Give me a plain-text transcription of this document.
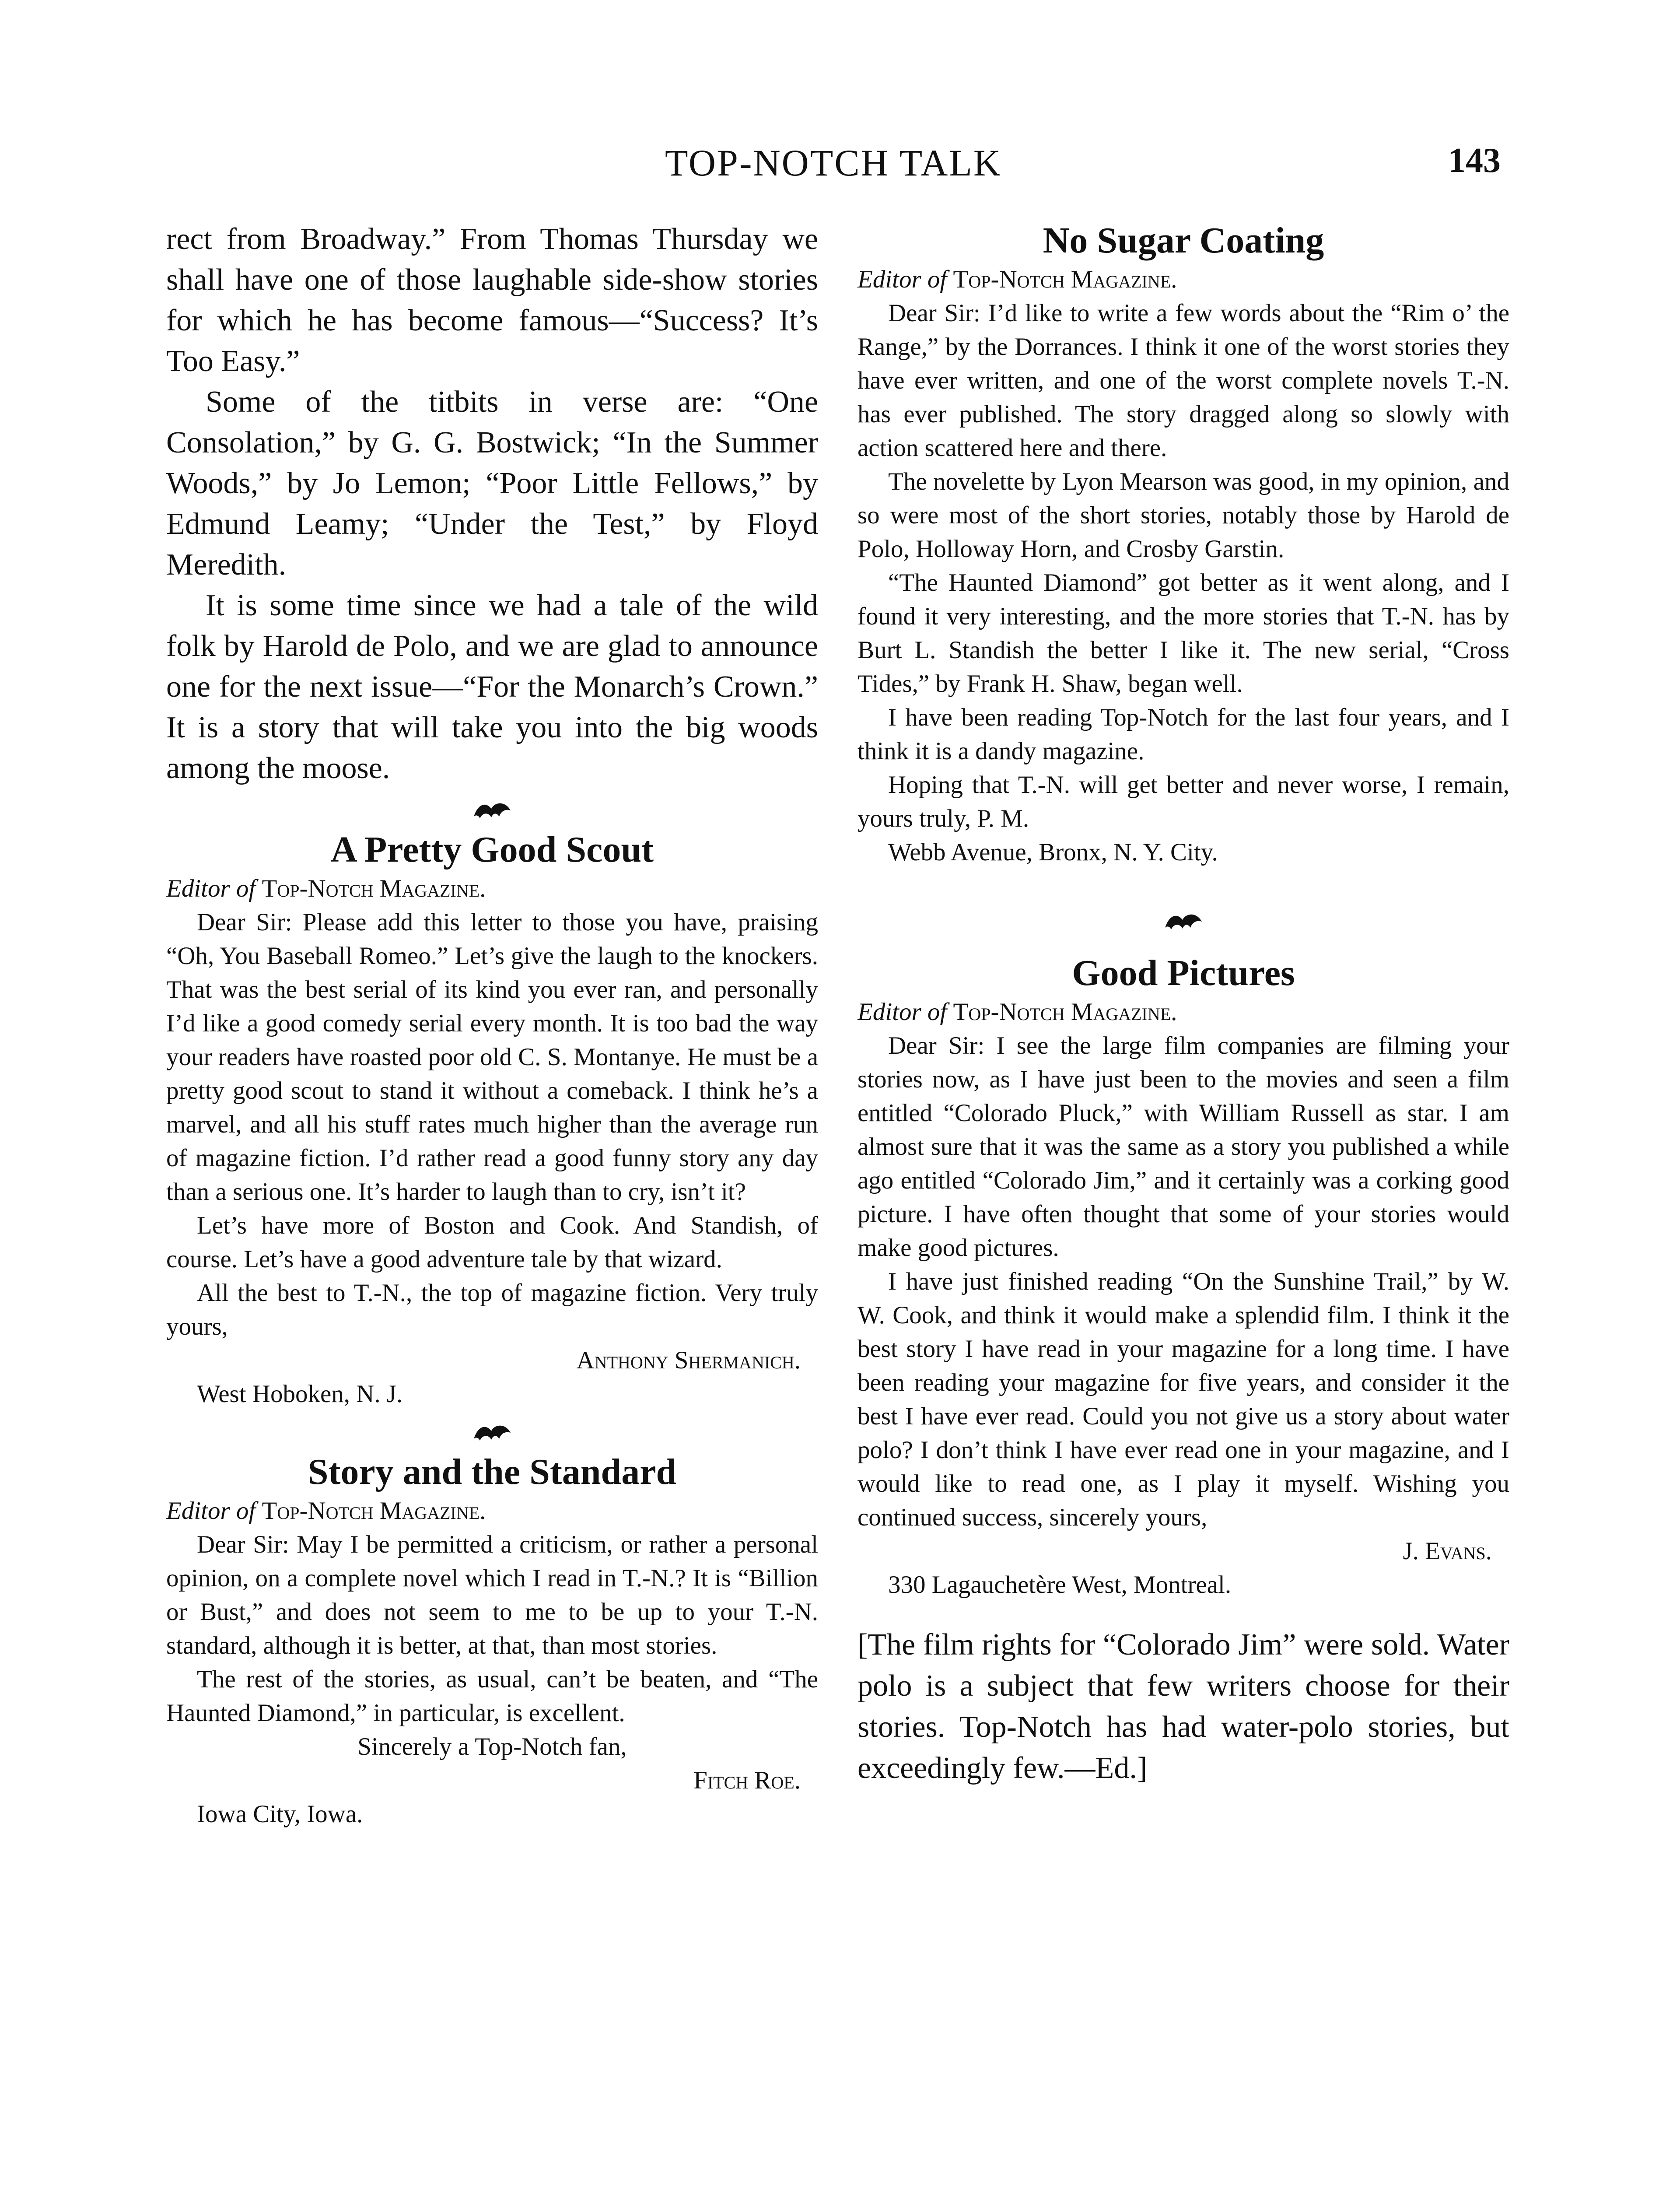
TOP-NOTCH TALK	143

rect from Broadway.” From Thomas Thursday we shall have one of those laughable side-show stories for which he has become famous—“Success? It’s Too Easy.”

Some of the titbits in verse are: “One Consolation,” by G. G. Bostwick; “In the Summer Woods,” by Jo Lemon; “Poor Little Fellows,” by Edmund Leamy; “Under the Test,” by Floyd Meredith.

It is some time since we had a tale of the wild folk by Harold de Polo, and we are glad to announce one for the next issue—“For the Monarch’s Crown.” It is a story that will take you into the big woods among the moose.

A Pretty Good Scout

Editor of Top-Notch Magazine.

Dear Sir: Please add this letter to those you have, praising “Oh, You Baseball Romeo.” Let’s give the laugh to the knockers. That was the best serial of its kind you ever ran, and personally I’d like a good comedy serial every month. It is too bad the way your readers have roasted poor old C. S. Montanye. He must be a pretty good scout to stand it without a comeback. I think he’s a marvel, and all his stuff rates much higher than the average run of magazine fiction. I’d rather read a good funny story any day than a serious one. It’s harder to laugh than to cry, isn’t it?

Let’s have more of Boston and Cook. And Standish, of course. Let’s have a good adventure tale by that wizard.

All the best to T.-N., the top of magazine fiction. Very truly yours,

Anthony Shermanich.

West Hoboken, N. J.

Story and the Standard

Editor of Top-Notch Magazine.

Dear Sir: May I be permitted a criticism, or rather a personal opinion, on a complete novel which I read in T.-N.? It is “Billion or Bust,” and does not seem to me to be up to your T.-N. standard, although it is better, at that, than most stories.

The rest of the stories, as usual, can’t be beaten, and “The Haunted Diamond,” in particular, is excellent.

Sincerely a Top-Notch fan,

Fitch Roe.

Iowa City, Iowa.

No Sugar Coating

Editor of Top-Notch Magazine.

Dear Sir: I’d like to write a few words about the “Rim o’ the Range,” by the Dorrances. I think it one of the worst stories they have ever written, and one of the worst complete novels T.-N. has ever published. The story dragged along so slowly with action scattered here and there.

The novelette by Lyon Mearson was good, in my opinion, and so were most of the short stories, notably those by Harold de Polo, Holloway Horn, and Crosby Garstin.

“The Haunted Diamond” got better as it went along, and I found it very interesting, and the more stories that T.-N. has by Burt L. Standish the better I like it. The new serial, “Cross Tides,” by Frank H. Shaw, began well.

I have been reading Top-Notch for the last four years, and I think it is a dandy magazine.

Hoping that T.-N. will get better and never worse, I remain, yours truly, P. M.

Webb Avenue, Bronx, N. Y. City.

Good Pictures

Editor of Top-Notch Magazine.

Dear Sir: I see the large film companies are filming your stories now, as I have just been to the movies and seen a film entitled “Colorado Pluck,” with William Russell as star. I am almost sure that it was the same as a story you published a while ago entitled “Colorado Jim,” and it certainly was a corking good picture. I have often thought that some of your stories would make good pictures.

I have just finished reading “On the Sunshine Trail,” by W. W. Cook, and think it would make a splendid film. I think it the best story I have read in your magazine for a long time. I have been reading your magazine for five years, and consider it the best I have ever read. Could you not give us a story about water polo? I don’t think I have ever read one in your magazine, and I would like to read one, as I play it myself. Wishing you continued success, sincerely yours,

J. Evans.

330 Lagauchetère West, Montreal.

[The film rights for “Colorado Jim” were sold. Water polo is a subject that few writers choose for their stories. Top-Notch has had water-polo stories, but exceedingly few.—Ed.]
